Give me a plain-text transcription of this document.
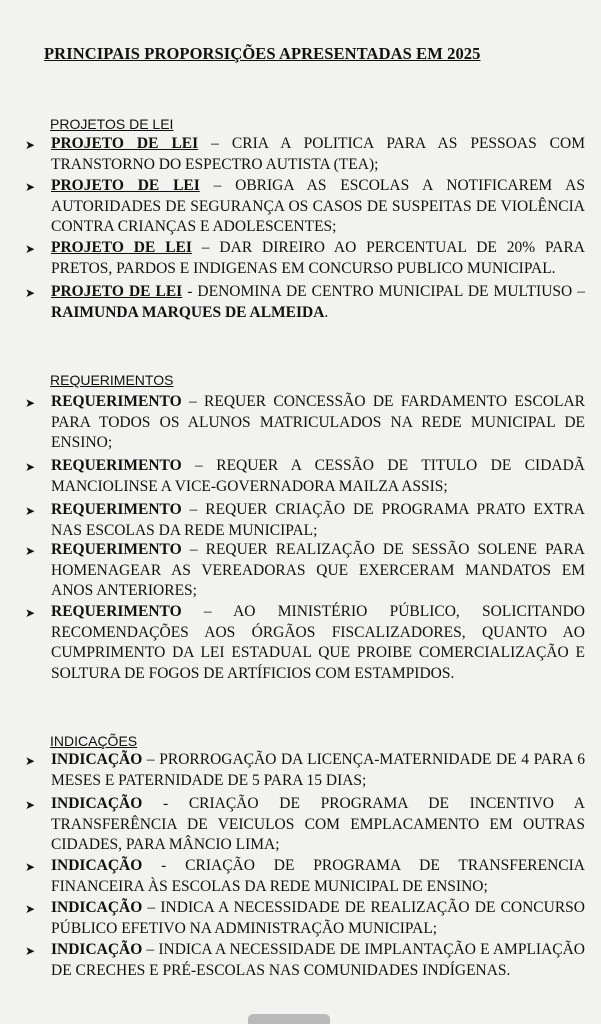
PRINCIPAIS PROPORSIÇÕES APRESENTADAS EM 2025
PROJETOS DE LEI
➤	PROJETO DE LEI – CRIA A POLITICA PARA AS PESSOAS COM TRANSTORNO DO ESPECTRO AUTISTA (TEA);
➤	PROJETO DE LEI – OBRIGA AS ESCOLAS A NOTIFICAREM AS AUTORIDADES DE SEGURANÇA OS CASOS DE SUSPEITAS DE VIOLÊNCIA CONTRA CRIANÇAS E ADOLESCENTES;
➤	PROJETO DE LEI – DAR DIREIRO AO PERCENTUAL DE 20% PARA PRETOS, PARDOS E INDIGENAS EM CONCURSO PUBLICO MUNICIPAL.
➤	PROJETO DE LEI - DENOMINA DE CENTRO MUNICIPAL DE MULTIUSO – RAIMUNDA MARQUES DE ALMEIDA.
REQUERIMENTOS
➤	REQUERIMENTO – REQUER CONCESSÃO DE FARDAMENTO ESCOLAR PARA TODOS OS ALUNOS MATRICULADOS NA REDE MUNICIPAL DE ENSINO;
➤	REQUERIMENTO – REQUER A CESSÃO DE TITULO DE CIDADÃ MANCIOLINSE A VICE-GOVERNADORA MAILZA ASSIS;
➤	REQUERIMENTO – REQUER CRIAÇÃO DE PROGRAMA PRATO EXTRA NAS ESCOLAS DA REDE MUNICIPAL;
➤	REQUERIMENTO – REQUER REALIZAÇÃO DE SESSÃO SOLENE PARA HOMENAGEAR AS VEREADORAS QUE EXERCERAM MANDATOS EM ANOS ANTERIORES;
➤	REQUERIMENTO – AO MINISTÉRIO PÚBLICO, SOLICITANDO RECOMENDAÇÕES AOS ÓRGÃOS FISCALIZADORES, QUANTO AO CUMPRIMENTO DA LEI ESTADUAL QUE PROIBE COMERCIALIZAÇÃO E SOLTURA DE FOGOS DE ARTÍFICIOS COM ESTAMPIDOS.
INDICAÇÕES
➤	INDICAÇÃO – PRORROGAÇÃO DA LICENÇA-MATERNIDADE DE 4 PARA 6 MESES E PATERNIDADE DE 5 PARA 15 DIAS;
➤	INDICAÇÃO - CRIAÇÃO DE PROGRAMA DE INCENTIVO A TRANSFERÊNCIA DE VEICULOS COM EMPLACAMENTO EM OUTRAS CIDADES, PARA MÂNCIO LIMA;
➤	INDICAÇÃO - CRIAÇÃO DE PROGRAMA DE TRANSFERENCIA FINANCEIRA ÀS ESCOLAS DA REDE MUNICIPAL DE ENSINO;
➤	INDICAÇÃO – INDICA A NECESSIDADE DE REALIZAÇÃO DE CONCURSO PÚBLICO EFETIVO NA ADMINISTRAÇÃO MUNICIPAL;
➤	INDICAÇÃO – INDICA A NECESSIDADE DE IMPLANTAÇÃO E AMPLIAÇÃO DE CRECHES E PRÉ-ESCOLAS NAS COMUNIDADES INDÍGENAS.
